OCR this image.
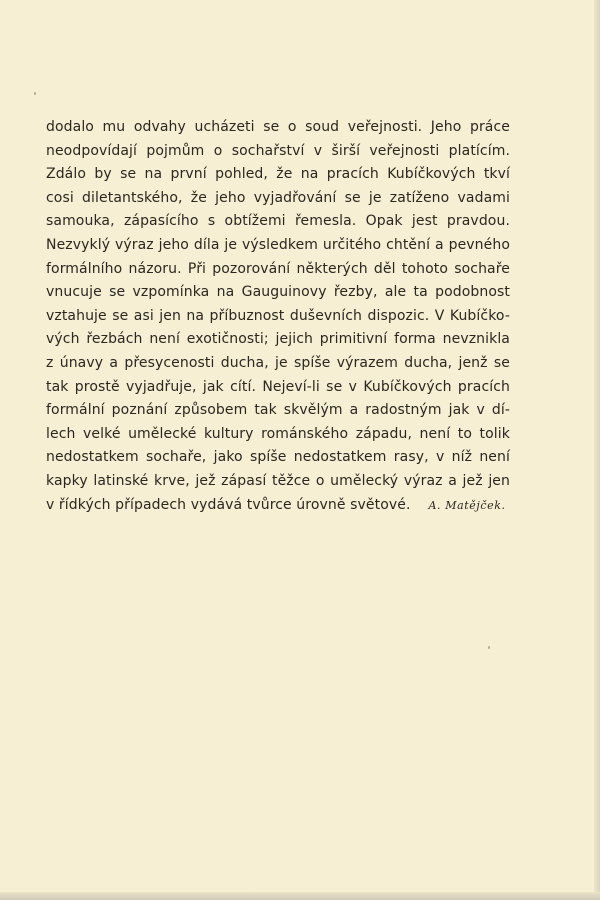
dodalo mu odvahy ucházeti se o soud veřejnosti. Jeho práce
neodpovídají pojmům o sochařství v širší veřejnosti platícím.
Zdálo by se na první pohled, že na pracích Kubíčkových tkví
cosi diletantského, že jeho vyjadřování se je zatíženo vadami
samouka, zápasícího s obtížemi řemesla. Opak jest pravdou.
Nezvyklý výraz jeho díla je výsledkem určitého chtění a pevného
formálního názoru. Při pozorování některých děl tohoto sochaře
vnucuje se vzpomínka na Gauguinovy řezby, ale ta podobnost
vztahuje se asi jen na příbuznost duševních dispozic. V Kubíčko-
vých řezbách není exotičnosti; jejich primitivní forma nevznikla
z únavy a přesycenosti ducha, je spíše výrazem ducha, jenž se
tak prostě vyjadřuje, jak cítí. Nejeví-li se v Kubíčkových pracích
formální poznání způsobem tak skvělým a radostným jak v dí-
lech velké umělecké kultury románského západu, není to tolik
nedostatkem sochaře, jako spíše nedostatkem rasy, v níž není
kapky latinské krve, jež zápasí těžce o umělecký výraz a jež jen
v řídkých případech vydává tvůrce úrovně světové. A. Matějček.
